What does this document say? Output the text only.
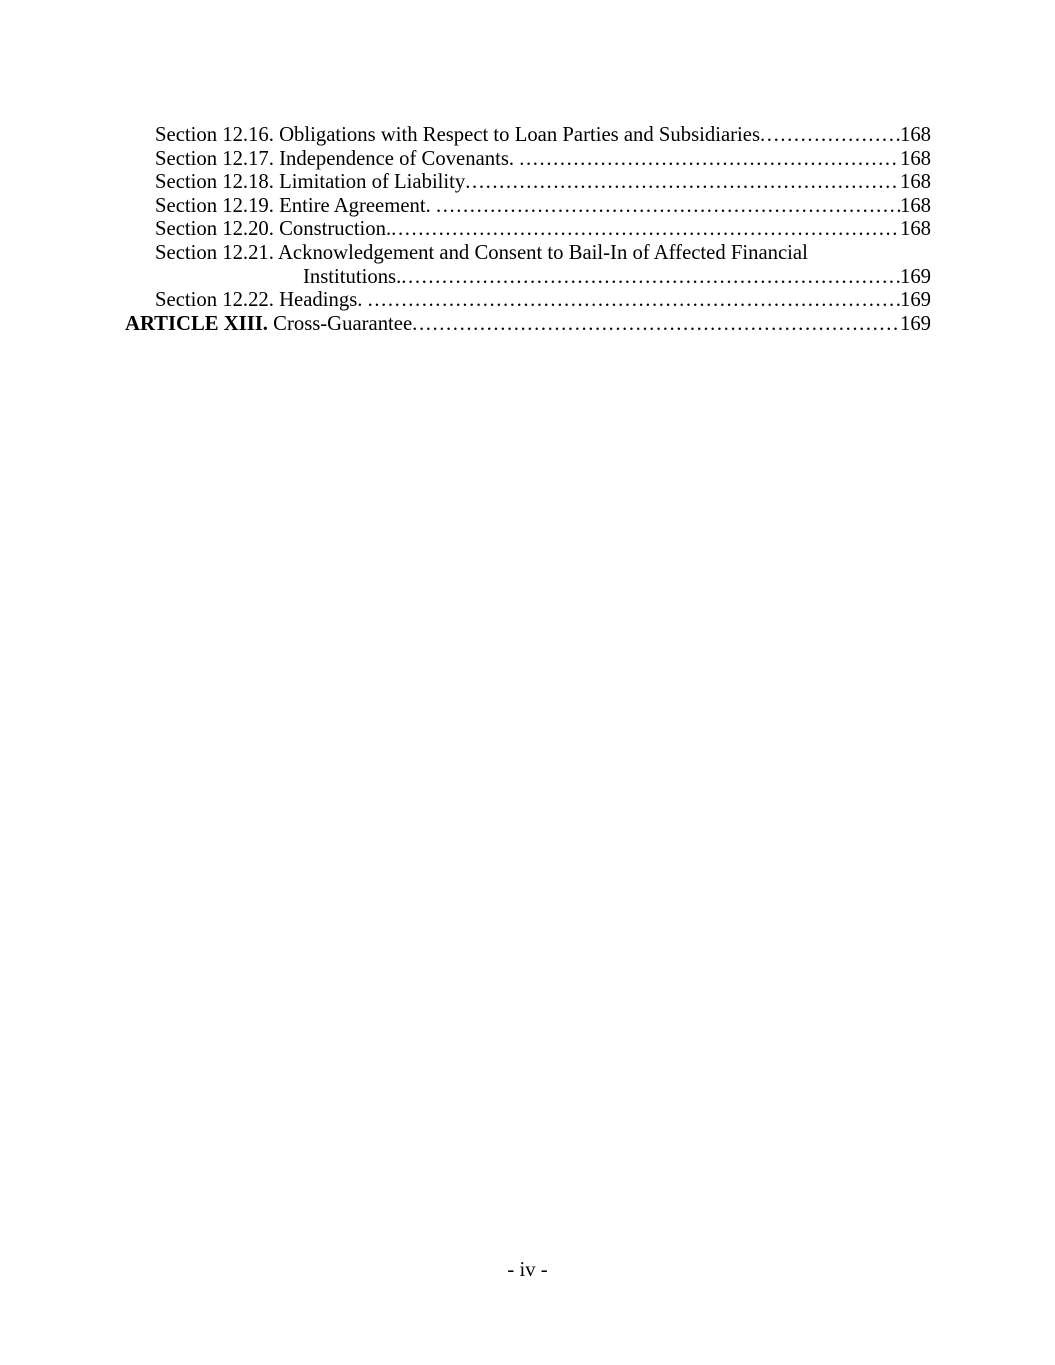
Section 12.16. Obligations with Respect to Loan Parties and Subsidiaries .....	168
Section 12.17. Independence of Covenants. .....	168
Section 12.18. Limitation of Liability .....	168
Section 12.19. Entire Agreement. .....	168
Section 12.20. Construction. .....	168
Section 12.21. Acknowledgement and Consent to Bail-In of Affected Financial
Institutions. .....	169
Section 12.22. Headings. .....	169
ARTICLE XIII. Cross-Guarantee .....	169
- iv -
